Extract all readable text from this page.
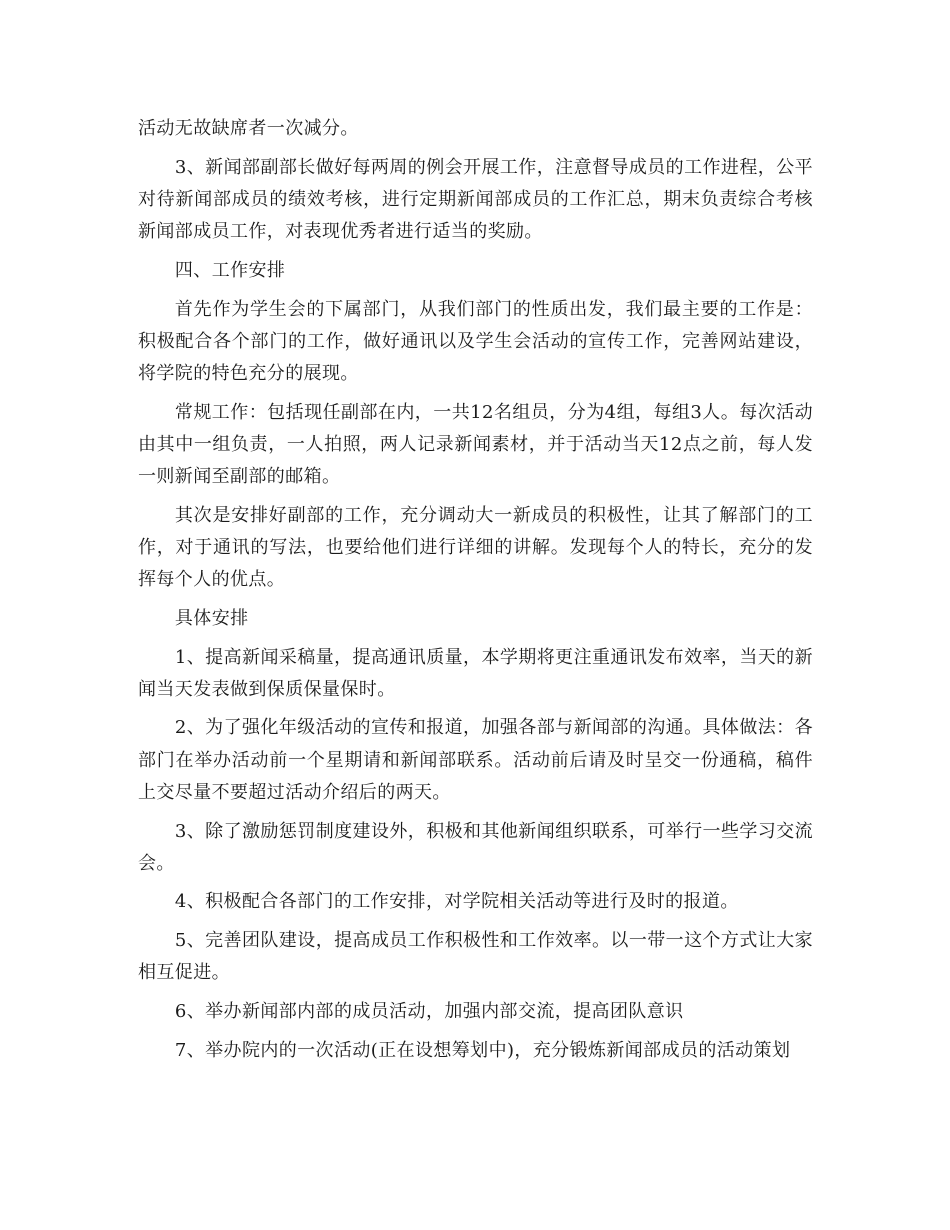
活动无故缺席者一次减分。

3、新闻部副部长做好每两周的例会开展工作，注意督导成员的工作进程，公平对待新闻部成员的绩效考核，进行定期新闻部成员的工作汇总，期末负责综合考核新闻部成员工作，对表现优秀者进行适当的奖励。

四、工作安排

首先作为学生会的下属部门，从我们部门的性质出发，我们最主要的工作是：积极配合各个部门的工作，做好通讯以及学生会活动的宣传工作，完善网站建设，将学院的特色充分的展现。

常规工作：包括现任副部在内，一共12名组员，分为4组，每组3人。每次活动由其中一组负责，一人拍照，两人记录新闻素材，并于活动当天12点之前，每人发一则新闻至副部的邮箱。

其次是安排好副部的工作，充分调动大一新成员的积极性，让其了解部门的工作，对于通讯的写法，也要给他们进行详细的讲解。发现每个人的特长，充分的发挥每个人的优点。

具体安排

1、提高新闻采稿量，提高通讯质量，本学期将更注重通讯发布效率，当天的新闻当天发表做到保质保量保时。

2、为了强化年级活动的宣传和报道，加强各部与新闻部的沟通。具体做法：各部门在举办活动前一个星期请和新闻部联系。活动前后请及时呈交一份通稿，稿件上交尽量不要超过活动介绍后的两天。

3、除了激励惩罚制度建设外，积极和其他新闻组织联系，可举行一些学习交流会。

4、积极配合各部门的工作安排，对学院相关活动等进行及时的报道。

5、完善团队建设，提高成员工作积极性和工作效率。以一带一这个方式让大家相互促进。

6、举办新闻部内部的成员活动，加强内部交流，提高团队意识

7、举办院内的一次活动(正在设想筹划中)，充分锻炼新闻部成员的活动策划
